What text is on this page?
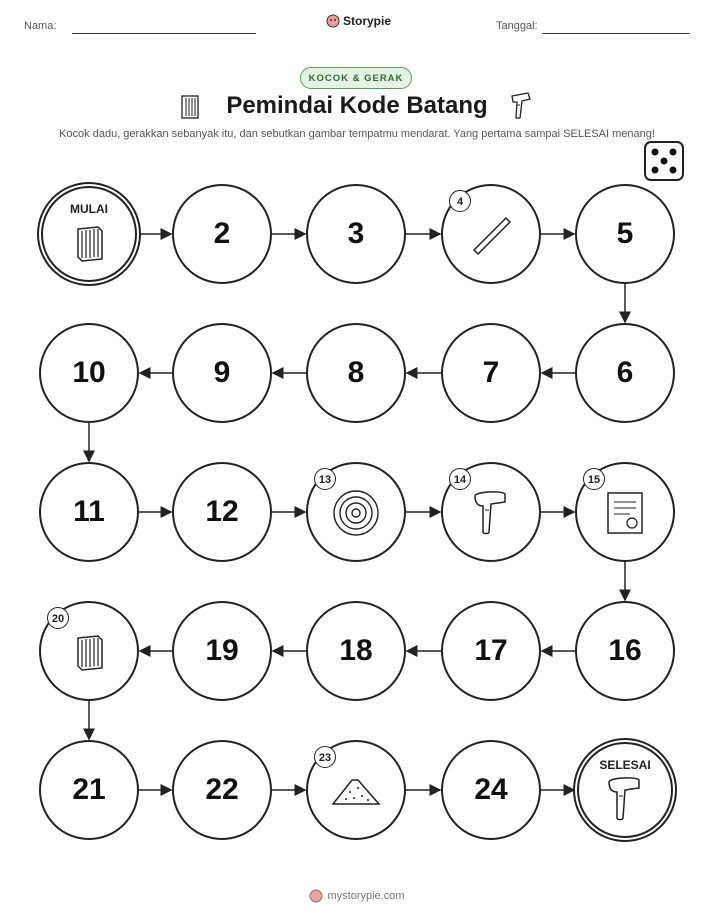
Nama:	Storypie	Tanggal:
KOCOK & GERAK
Pemindai Kode Batang
Kocok dadu, gerakkan sebanyak itu, dan sebutkan gambar tempatmu mendarat. Yang pertama sampai SELESAI menang!
MULAI
2	3
4
5
6
7
8
9
10
11	12
13	14	15
16
17
18
19
20
21	22
23
24
SELESAI
mystorypie.com
